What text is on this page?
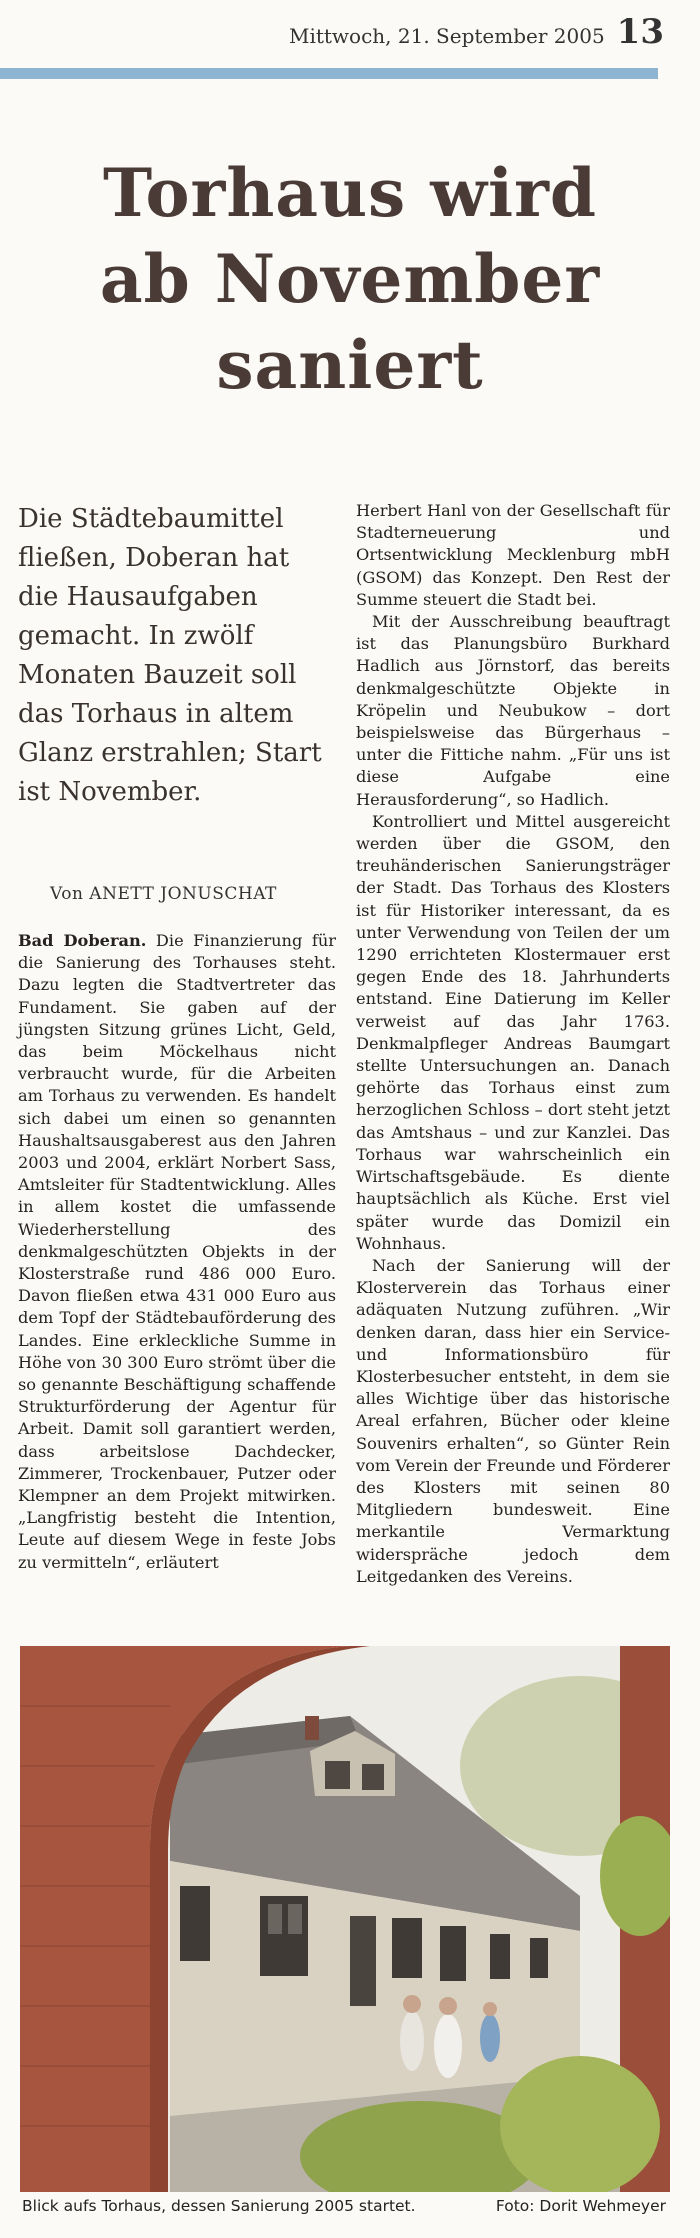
Mittwoch, 21. September 2005 13
Torhaus wird
ab November
saniert
Die Städtebaumittel fließen, Doberan hat die Hausaufgaben gemacht. In zwölf Monaten Bauzeit soll das Torhaus in altem Glanz erstrahlen; Start ist November.
Von ANETT JONUSCHAT

Bad Doberan. Die Finanzierung für die Sanierung des Torhauses steht. Dazu legten die Stadtvertreter das Fundament. Sie gaben auf der jüngsten Sitzung grünes Licht, Geld, das beim Möckelhaus nicht verbraucht wurde, für die Arbeiten am Torhaus zu verwenden. Es handelt sich dabei um einen so genannten Haushaltsausgaberest aus den Jahren 2003 und 2004, erklärt Norbert Sass, Amtsleiter für Stadtentwicklung. Alles in allem kostet die umfassende Wiederherstellung des denkmalgeschützten Objekts in der Klosterstraße rund 486 000 Euro. Davon fließen etwa 431 000 Euro aus dem Topf der Städtebauförderung des Landes. Eine erkleckliche Summe in Höhe von 30 300 Euro strömt über die so genannte Beschäftigung schaffende Strukturförderung der Agentur für Arbeit. Damit soll garantiert werden, dass arbeitslose Dachdecker, Zimmerer, Trockenbauer, Putzer oder Klempner an dem Projekt mitwirken. „Langfristig besteht die Intention, Leute auf diesem Wege in feste Jobs zu vermitteln“, erläutert

Herbert Hanl von der Gesellschaft für Stadterneuerung und Ortsentwicklung Mecklenburg mbH (GSOM) das Konzept. Den Rest der Summe steuert die Stadt bei.

Mit der Ausschreibung beauftragt ist das Planungsbüro Burkhard Hadlich aus Jörnstorf, das bereits denkmalgeschützte Objekte in Kröpelin und Neubukow – dort beispielsweise das Bürgerhaus – unter die Fittiche nahm. „Für uns ist diese Aufgabe eine Herausforderung“, so Hadlich.

Kontrolliert und Mittel ausgereicht werden über die GSOM, den treuhänderischen Sanierungsträger der Stadt. Das Torhaus des Klosters ist für Historiker interessant, da es unter Verwendung von Teilen der um 1290 errichteten Klostermauer erst gegen Ende des 18. Jahrhunderts entstand. Eine Datierung im Keller verweist auf das Jahr 1763. Denkmalpfleger Andreas Baumgart stellte Untersuchungen an. Danach gehörte das Torhaus einst zum herzoglichen Schloss – dort steht jetzt das Amtshaus – und zur Kanzlei. Das Torhaus war wahrscheinlich ein Wirtschaftsgebäude. Es diente hauptsächlich als Küche. Erst viel später wurde das Domizil ein Wohnhaus.

Nach der Sanierung will der Klosterverein das Torhaus einer adäquaten Nutzung zuführen. „Wir denken daran, dass hier ein Service- und Informationsbüro für Klosterbesucher entsteht, in dem sie alles Wichtige über das historische Areal erfahren, Bücher oder kleine Souvenirs erhalten“, so Günter Rein vom Verein der Freunde und Förderer des Klosters mit seinen 80 Mitgliedern bundesweit. Eine merkantile Vermarktung widerspräche jedoch dem Leitgedanken des Vereins.

Blick aufs Torhaus, dessen Sanierung 2005 startet.	Foto: Dorit Wehmeyer
